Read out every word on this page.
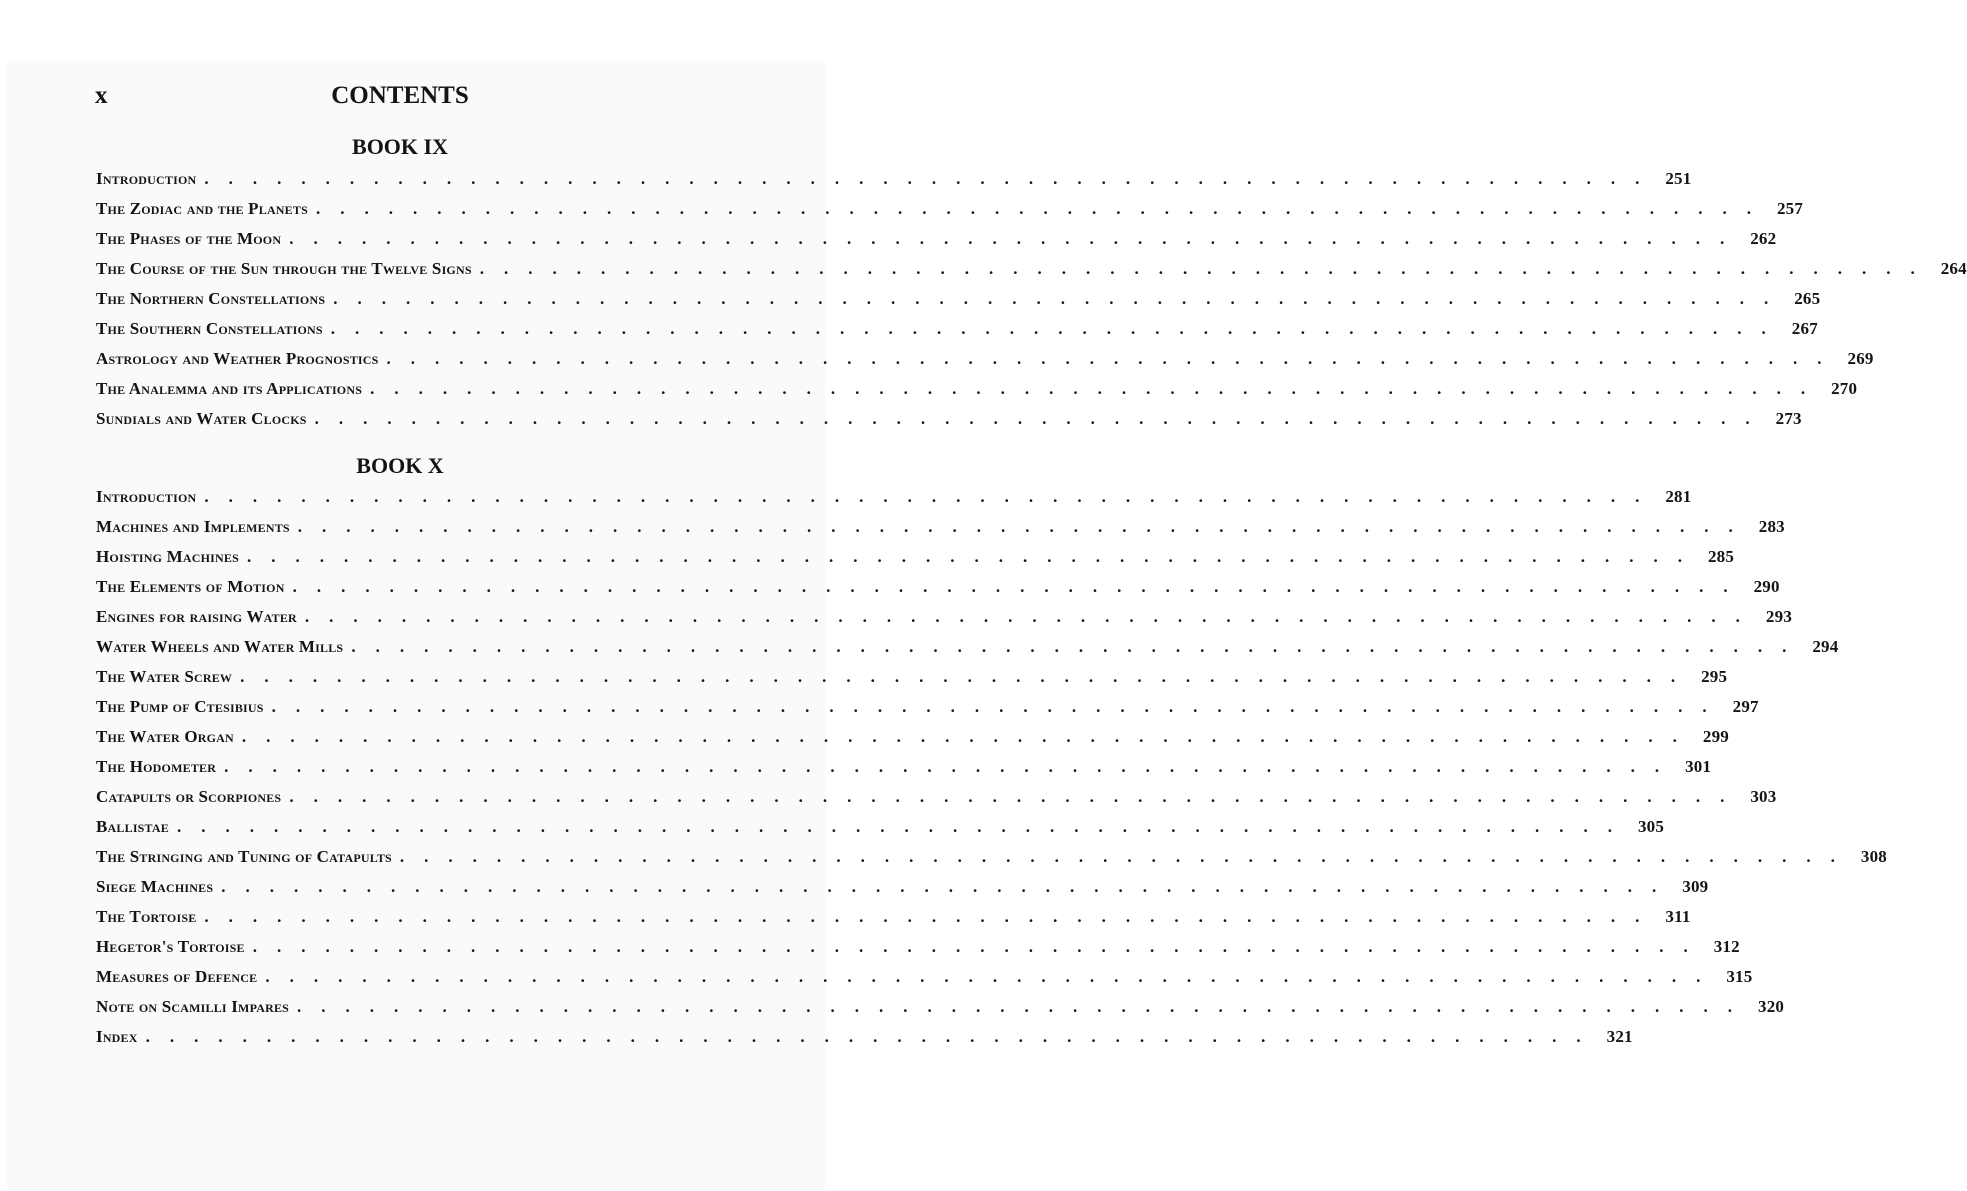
x	CONTENTS
BOOK IX
Introduction ............................................................ 251
The Zodiac and the Planets ............................................................ 257
The Phases of the Moon ............................................................ 262
The Course of the Sun through the Twelve Signs ............................................................ 264
The Northern Constellations ............................................................ 265
The Southern Constellations ............................................................ 267
Astrology and Weather Prognostics ............................................................ 269
The Analemma and its Applications ............................................................ 270
Sundials and Water Clocks ............................................................ 273
BOOK X
Introduction ............................................................ 281
Machines and Implements ............................................................ 283
Hoisting Machines ............................................................ 285
The Elements of Motion ............................................................ 290
Engines for raising Water ............................................................ 293
Water Wheels and Water Mills ............................................................ 294
The Water Screw ............................................................ 295
The Pump of Ctesibius ............................................................ 297
The Water Organ ............................................................ 299
The Hodometer ............................................................ 301
Catapults or Scorpiones ............................................................ 303
Ballistae ............................................................ 305
The Stringing and Tuning of Catapults ............................................................ 308
Siege Machines ............................................................ 309
The Tortoise ............................................................ 311
Hegetor's Tortoise ............................................................ 312
Measures of Defence ............................................................ 315
Note on Scamilli Impares ............................................................ 320
Index ............................................................ 321
